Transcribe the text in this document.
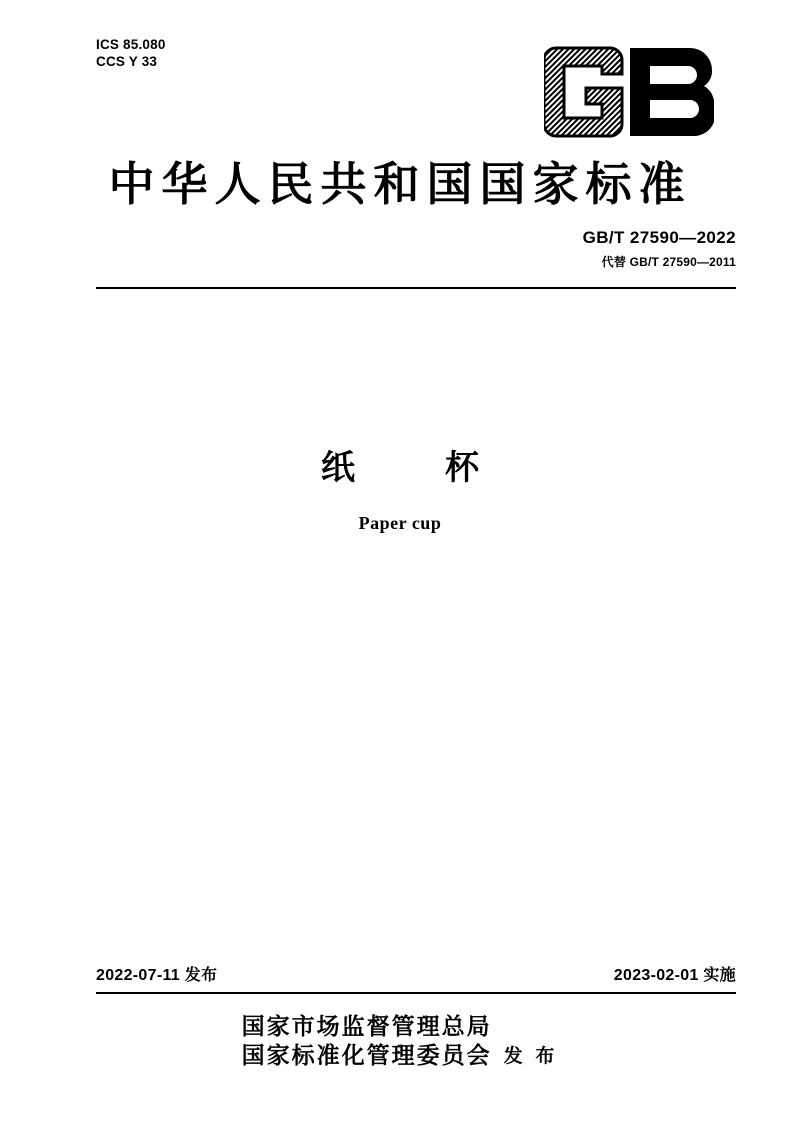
ICS 85.080
CCS Y 33
中华人民共和国国家标准
GB/T 27590—2022
代替 GB/T 27590—2011
纸杯
Paper cup
2022-07-11 发布	2023-02-01 实施
国家市场监督管理总局
国家标准化管理委员会 发 布
